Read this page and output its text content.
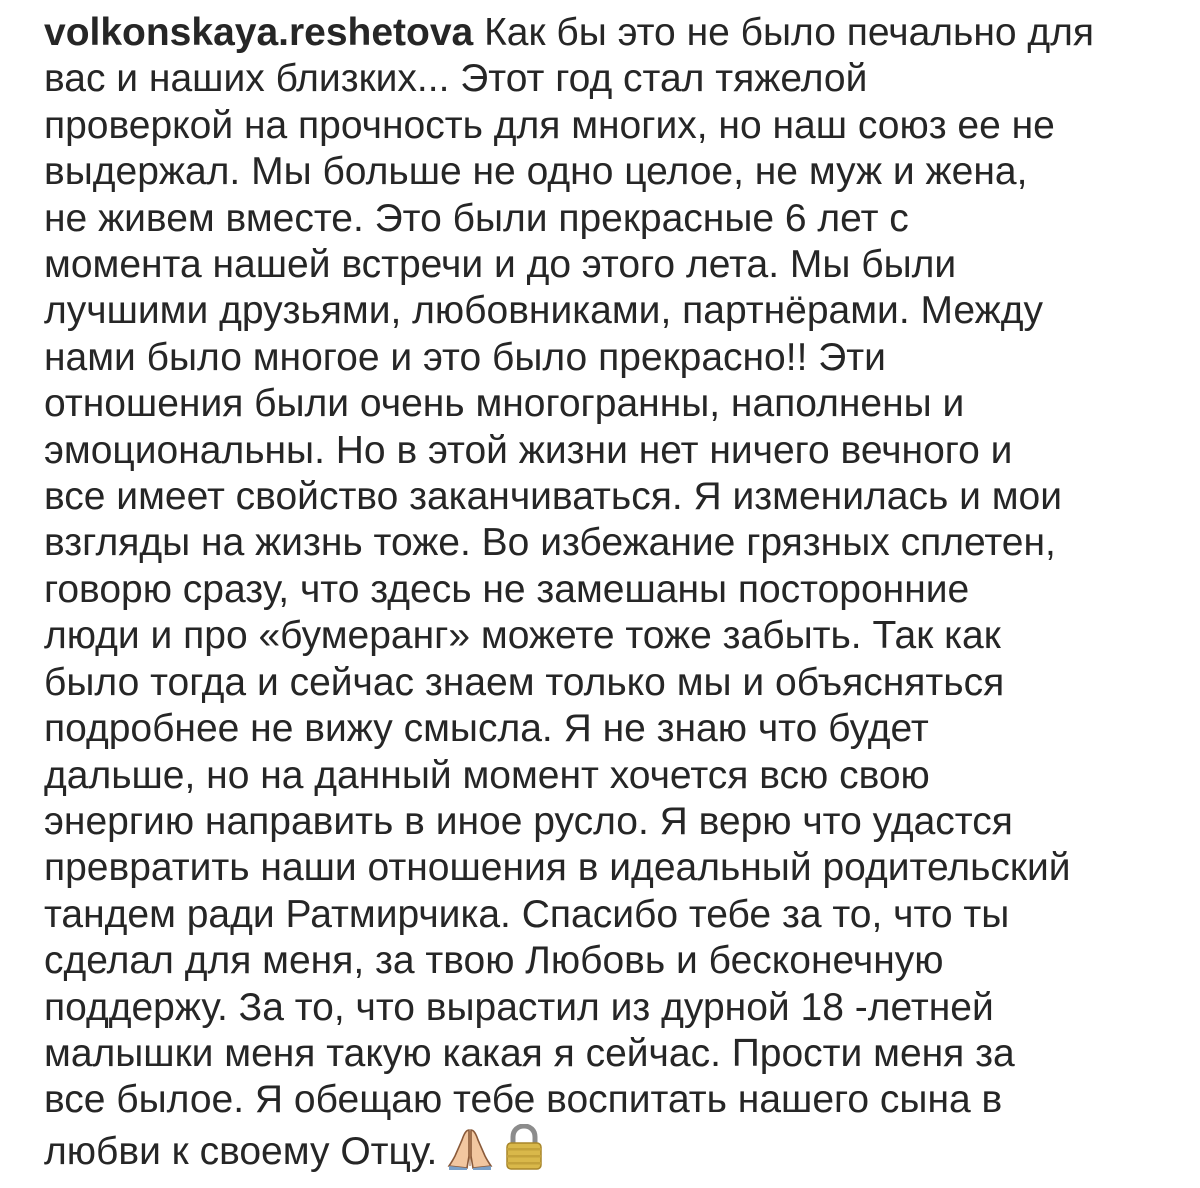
volkonskaya.reshetova Как бы это не было печально для
вас и наших близких... Этот год стал тяжелой
проверкой на прочность для многих, но наш союз ее не
выдержал. Мы больше не одно целое, не муж и жена,
не живем вместе. Это были прекрасные 6 лет с
момента нашей встречи и до этого лета. Мы были
лучшими друзьями, любовниками, партнёрами. Между
нами было многое и это было прекрасно!! Эти
отношения были очень многогранны, наполнены и
эмоциональны. Но в этой жизни нет ничего вечного и
все имеет свойство заканчиваться. Я изменилась и мои
взгляды на жизнь тоже. Во избежание грязных сплетен,
говорю сразу, что здесь не замешаны посторонние
люди и про «бумеранг» можете тоже забыть. Так как
было тогда и сейчас знаем только мы и объясняться
подробнее не вижу смысла. Я не знаю что будет
дальше, но на данный момент хочется всю свою
энергию направить в иное русло. Я верю что удастся
превратить наши отношения в идеальный родительский
тандем ради Ратмирчика. Спасибо тебе за то, что ты
сделал для меня, за твою Любовь и бесконечную
поддержу. За то, что вырастил из дурной 18 -летней
малышки меня такую какая я сейчас. Прости меня за
все былое. Я обещаю тебе воспитать нашего сына в
любви к своему Отцу.
